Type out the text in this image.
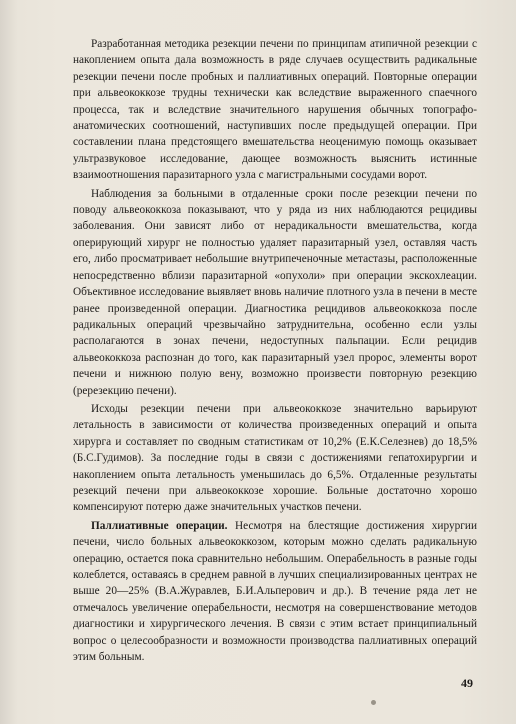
Разработанная методика резекции печени по принципам атипичной резекции с накоплением опыта дала возможность в ряде случаев осуществить радикальные резекции печени после пробных и паллиативных операций. Повторные операции при альвеококкозе трудны технически как вследствие выраженного спаечного процесса, так и вследствие значительного нарушения обычных топографо-анатомических соотношений, наступивших после предыдущей операции. При составлении плана предстоящего вмешательства неоценимую помощь оказывает ультразвуковое исследование, дающее возможность выяснить истинные взаимоотношения паразитарного узла с магистральными сосудами ворот.

Наблюдения за больными в отдаленные сроки после резекции печени по поводу альвеококкоза показывают, что у ряда из них наблюдаются рецидивы заболевания. Они зависят либо от нерадикальности вмешательства, когда оперирующий хирург не полностью удаляет паразитарный узел, оставляя часть его, либо просматривает небольшие внутрипеченочные метастазы, расположенные непосредственно вблизи паразитарной «опухоли» при операции экскохлеации. Объективное исследование выявляет вновь наличие плотного узла в печени в месте ранее произведенной операции. Диагностика рецидивов альвеококкоза после радикальных операций чрезвычайно затруднительна, особенно если узлы располагаются в зонах печени, недоступных пальпации. Если рецидив альвеококкоза распознан до того, как паразитарный узел пророс, элементы ворот печени и нижнюю полую вену, возможно произвести повторную резекцию (ререзекцию печени).

Исходы резекции печени при альвеококкозе значительно варьируют летальность в зависимости от количества произведенных операций и опыта хирурга и составляет по сводным статистикам от 10,2% (Е.К.Селезнев) до 18,5% (Б.С.Гудимов). За последние годы в связи с достижениями гепатохирургии и накоплением опыта летальность уменьшилась до 6,5%. Отдаленные результаты резекций печени при альвеококкозе хорошие. Больные достаточно хорошо компенсируют потерю даже значительных участков печени.

Паллиативные операции. Несмотря на блестящие достижения хирургии печени, число больных альвеококкозом, которым можно сделать радикальную операцию, остается пока сравнительно небольшим. Операбельность в разные годы колеблется, оставаясь в среднем равной в лучших специализированных центрах не выше 20—25% (В.А.Журавлев, Б.И.Альперович и др.). В течение ряда лет не отмечалось увеличение операбельности, несмотря на совершенствование методов диагностики и хирургического лечения. В связи с этим встает принципиальный вопрос о целесообразности и возможности производства паллиативных операций этим больным.

49
